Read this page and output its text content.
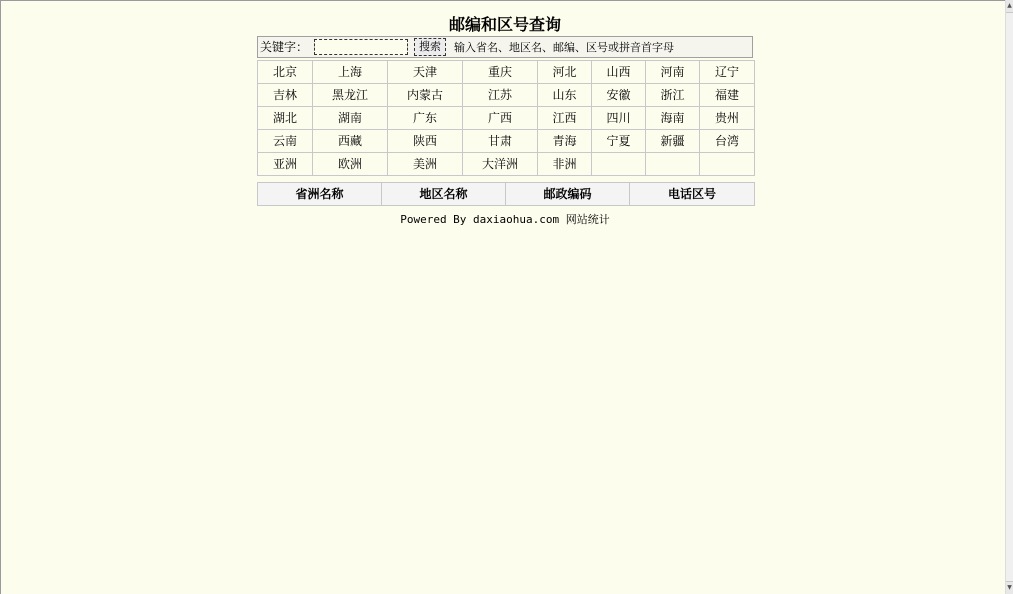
邮编和区号查询
关键字：	搜索	输入省名、地区名、邮编、区号或拼音首字母
北京	上海	天津	重庆	河北	山西	河南	辽宁
吉林	黑龙江	内蒙古	江苏	山东	安徽	浙江	福建
湖北	湖南	广东	广西	江西	四川	海南	贵州
云南	西藏	陕西	甘肃	青海	宁夏	新疆	台湾
亚洲	欧洲	美洲	大洋洲	非洲			
省洲名称	地区名称	邮政编码	电话区号
Powered By daxiaohua.com 网站统计
▲
▼
